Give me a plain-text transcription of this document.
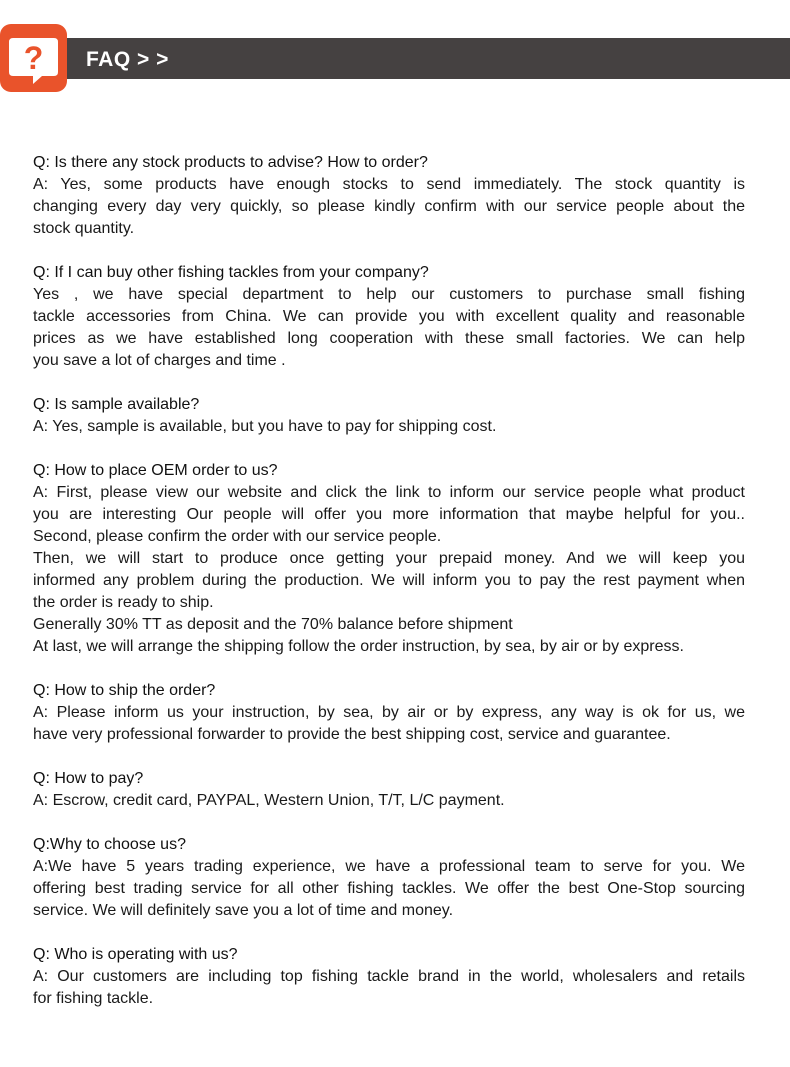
? FAQ > >
Q: Is there any stock products to advise? How to order?
A: Yes, some products have enough stocks to send immediately. The stock quantity is
changing every day very quickly, so please kindly confirm with our service people about the
stock quantity.
Q: If I can buy other fishing tackles from your company?
Yes , we have special department to help our customers to purchase small fishing
tackle accessories from China. We can provide you with excellent quality and reasonable
prices as we have established long cooperation with these small factories. We can help
you save a lot of charges and time .
Q: Is sample available?
A: Yes, sample is available, but you have to pay for shipping cost.
Q: How to place OEM order to us?
A: First, please view our website and click the link to inform our service people what product
you are interesting Our people will offer you more information that maybe helpful for you..
Second, please confirm the order with our service people.
Then, we will start to produce once getting your prepaid money. And we will keep you
informed any problem during the production. We will inform you to pay the rest payment when
the order is ready to ship.
Generally 30% TT as deposit and the 70% balance before shipment
At last, we will arrange the shipping follow the order instruction, by sea, by air or by express.
Q: How to ship the order?
A: Please inform us your instruction, by sea, by air or by express, any way is ok for us, we
have very professional forwarder to provide the best shipping cost, service and guarantee.
Q: How to pay?
A: Escrow, credit card, PAYPAL, Western Union, T/T, L/C payment.
Q:Why to choose us?
A:We have 5 years trading experience, we have a professional team to serve for you. We
offering best trading service for all other fishing tackles. We offer the best One-Stop sourcing
service. We will definitely save you a lot of time and money.
Q: Who is operating with us?
A: Our customers are including top fishing tackle brand in the world, wholesalers and retails
for fishing tackle.
